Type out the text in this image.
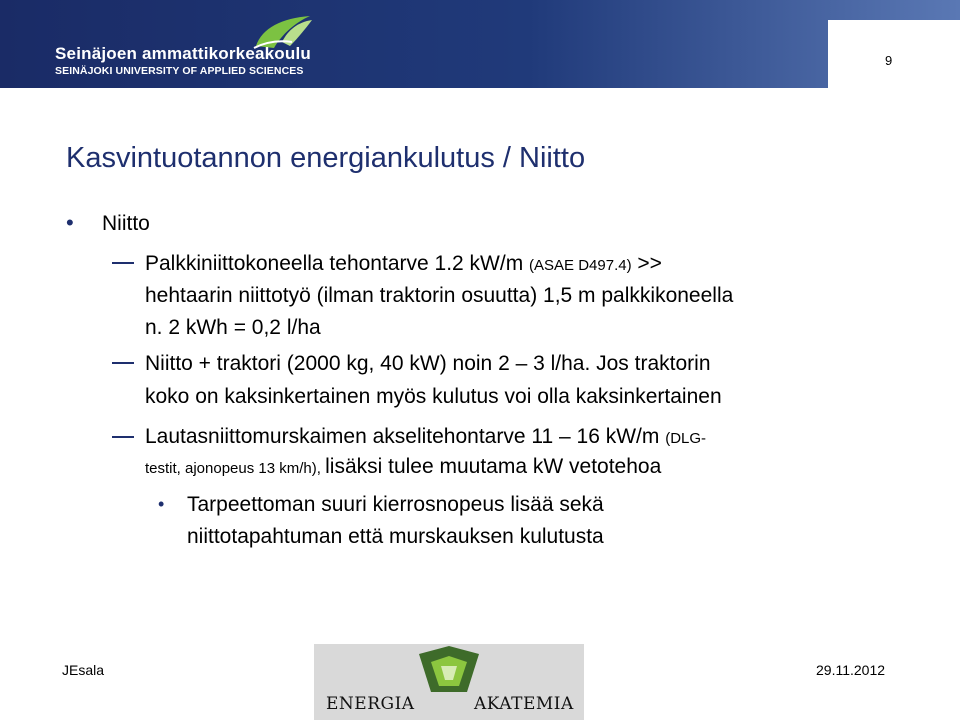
Seinäjoen ammattikorkeakoulu
SEINÄJOKI UNIVERSITY OF APPLIED SCIENCES
9
Kasvintuotannon energiankulutus / Niitto
• Niitto
Palkkiniittokoneella tehontarve 1.2 kW/m (ASAE D497.4) >>
hehtaarin niittotyö (ilman traktorin osuutta) 1,5 m palkkikoneella
n. 2 kWh = 0,2 l/ha
Niitto + traktori (2000 kg, 40 kW) noin 2 – 3 l/ha. Jos traktorin
koko on kaksinkertainen myös kulutus voi olla kaksinkertainen
Lautasniittomurskaimen akselitehontarve 11 – 16 kW/m (DLG-
testit, ajonopeus 13 km/h), lisäksi tulee muutama kW vetotehoa
• Tarpeettoman suuri kierrosnopeus lisää sekä
niittotapahtuman että murskauksen kulutusta
JEsala	29.11.2012
ENERGIA	AKATEMIA
